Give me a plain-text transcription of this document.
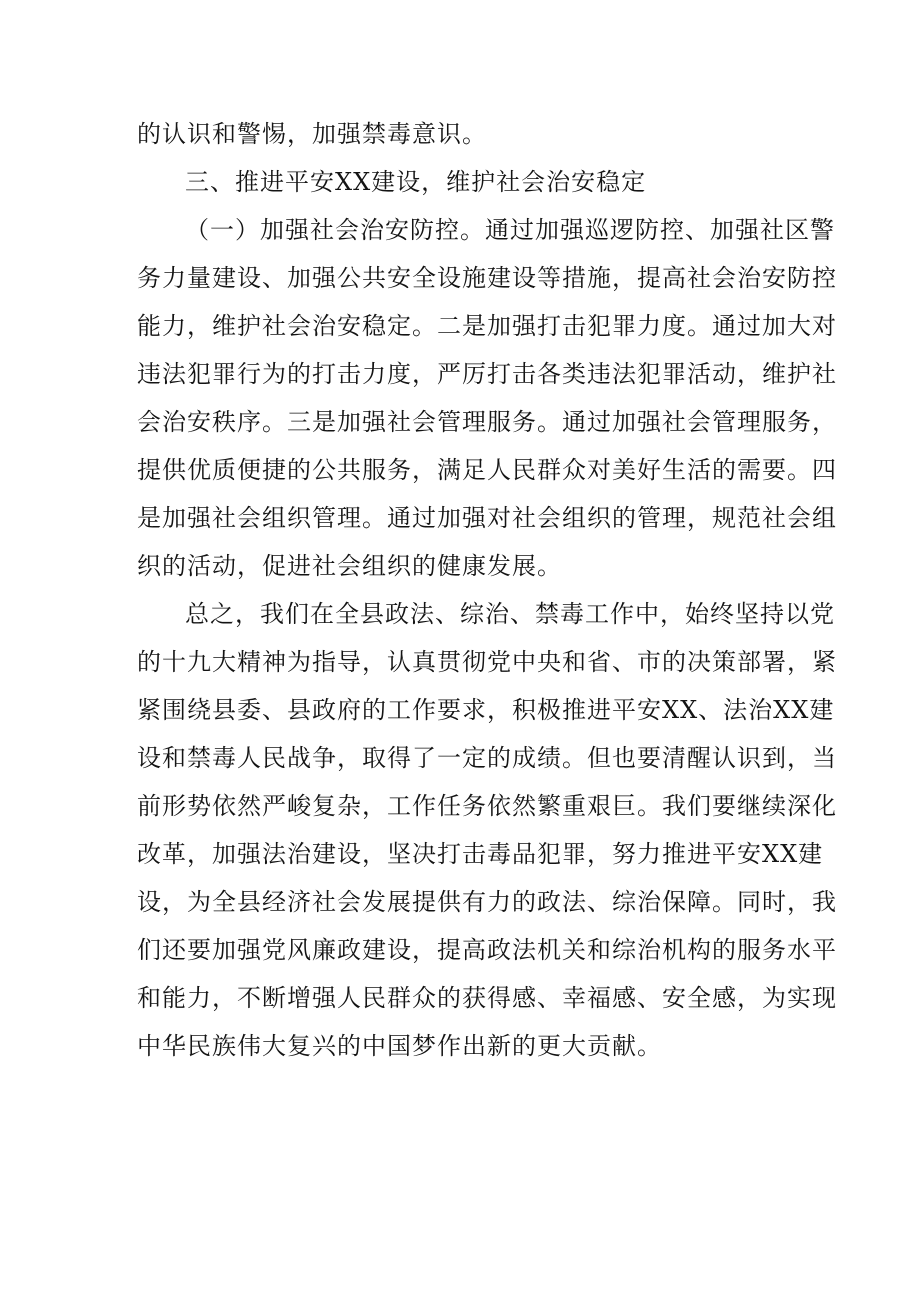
的认识和警惕，加强禁毒意识。
三、推进平安XX建设，维护社会治安稳定
（一）加强社会治安防控。通过加强巡逻防控、加强社区警
务力量建设、加强公共安全设施建设等措施，提高社会治安防控
能力，维护社会治安稳定。二是加强打击犯罪力度。通过加大对
违法犯罪行为的打击力度，严厉打击各类违法犯罪活动，维护社
会治安秩序。三是加强社会管理服务。通过加强社会管理服务，
提供优质便捷的公共服务，满足人民群众对美好生活的需要。四
是加强社会组织管理。通过加强对社会组织的管理，规范社会组
织的活动，促进社会组织的健康发展。
总之，我们在全县政法、综治、禁毒工作中，始终坚持以党
的十九大精神为指导，认真贯彻党中央和省、市的决策部署，紧
紧围绕县委、县政府的工作要求，积极推进平安XX、法治XX建
设和禁毒人民战争，取得了一定的成绩。但也要清醒认识到，当
前形势依然严峻复杂，工作任务依然繁重艰巨。我们要继续深化
改革，加强法治建设，坚决打击毒品犯罪，努力推进平安XX建
设，为全县经济社会发展提供有力的政法、综治保障。同时，我
们还要加强党风廉政建设，提高政法机关和综治机构的服务水平
和能力，不断增强人民群众的获得感、幸福感、安全感，为实现
中华民族伟大复兴的中国梦作出新的更大贡献。
